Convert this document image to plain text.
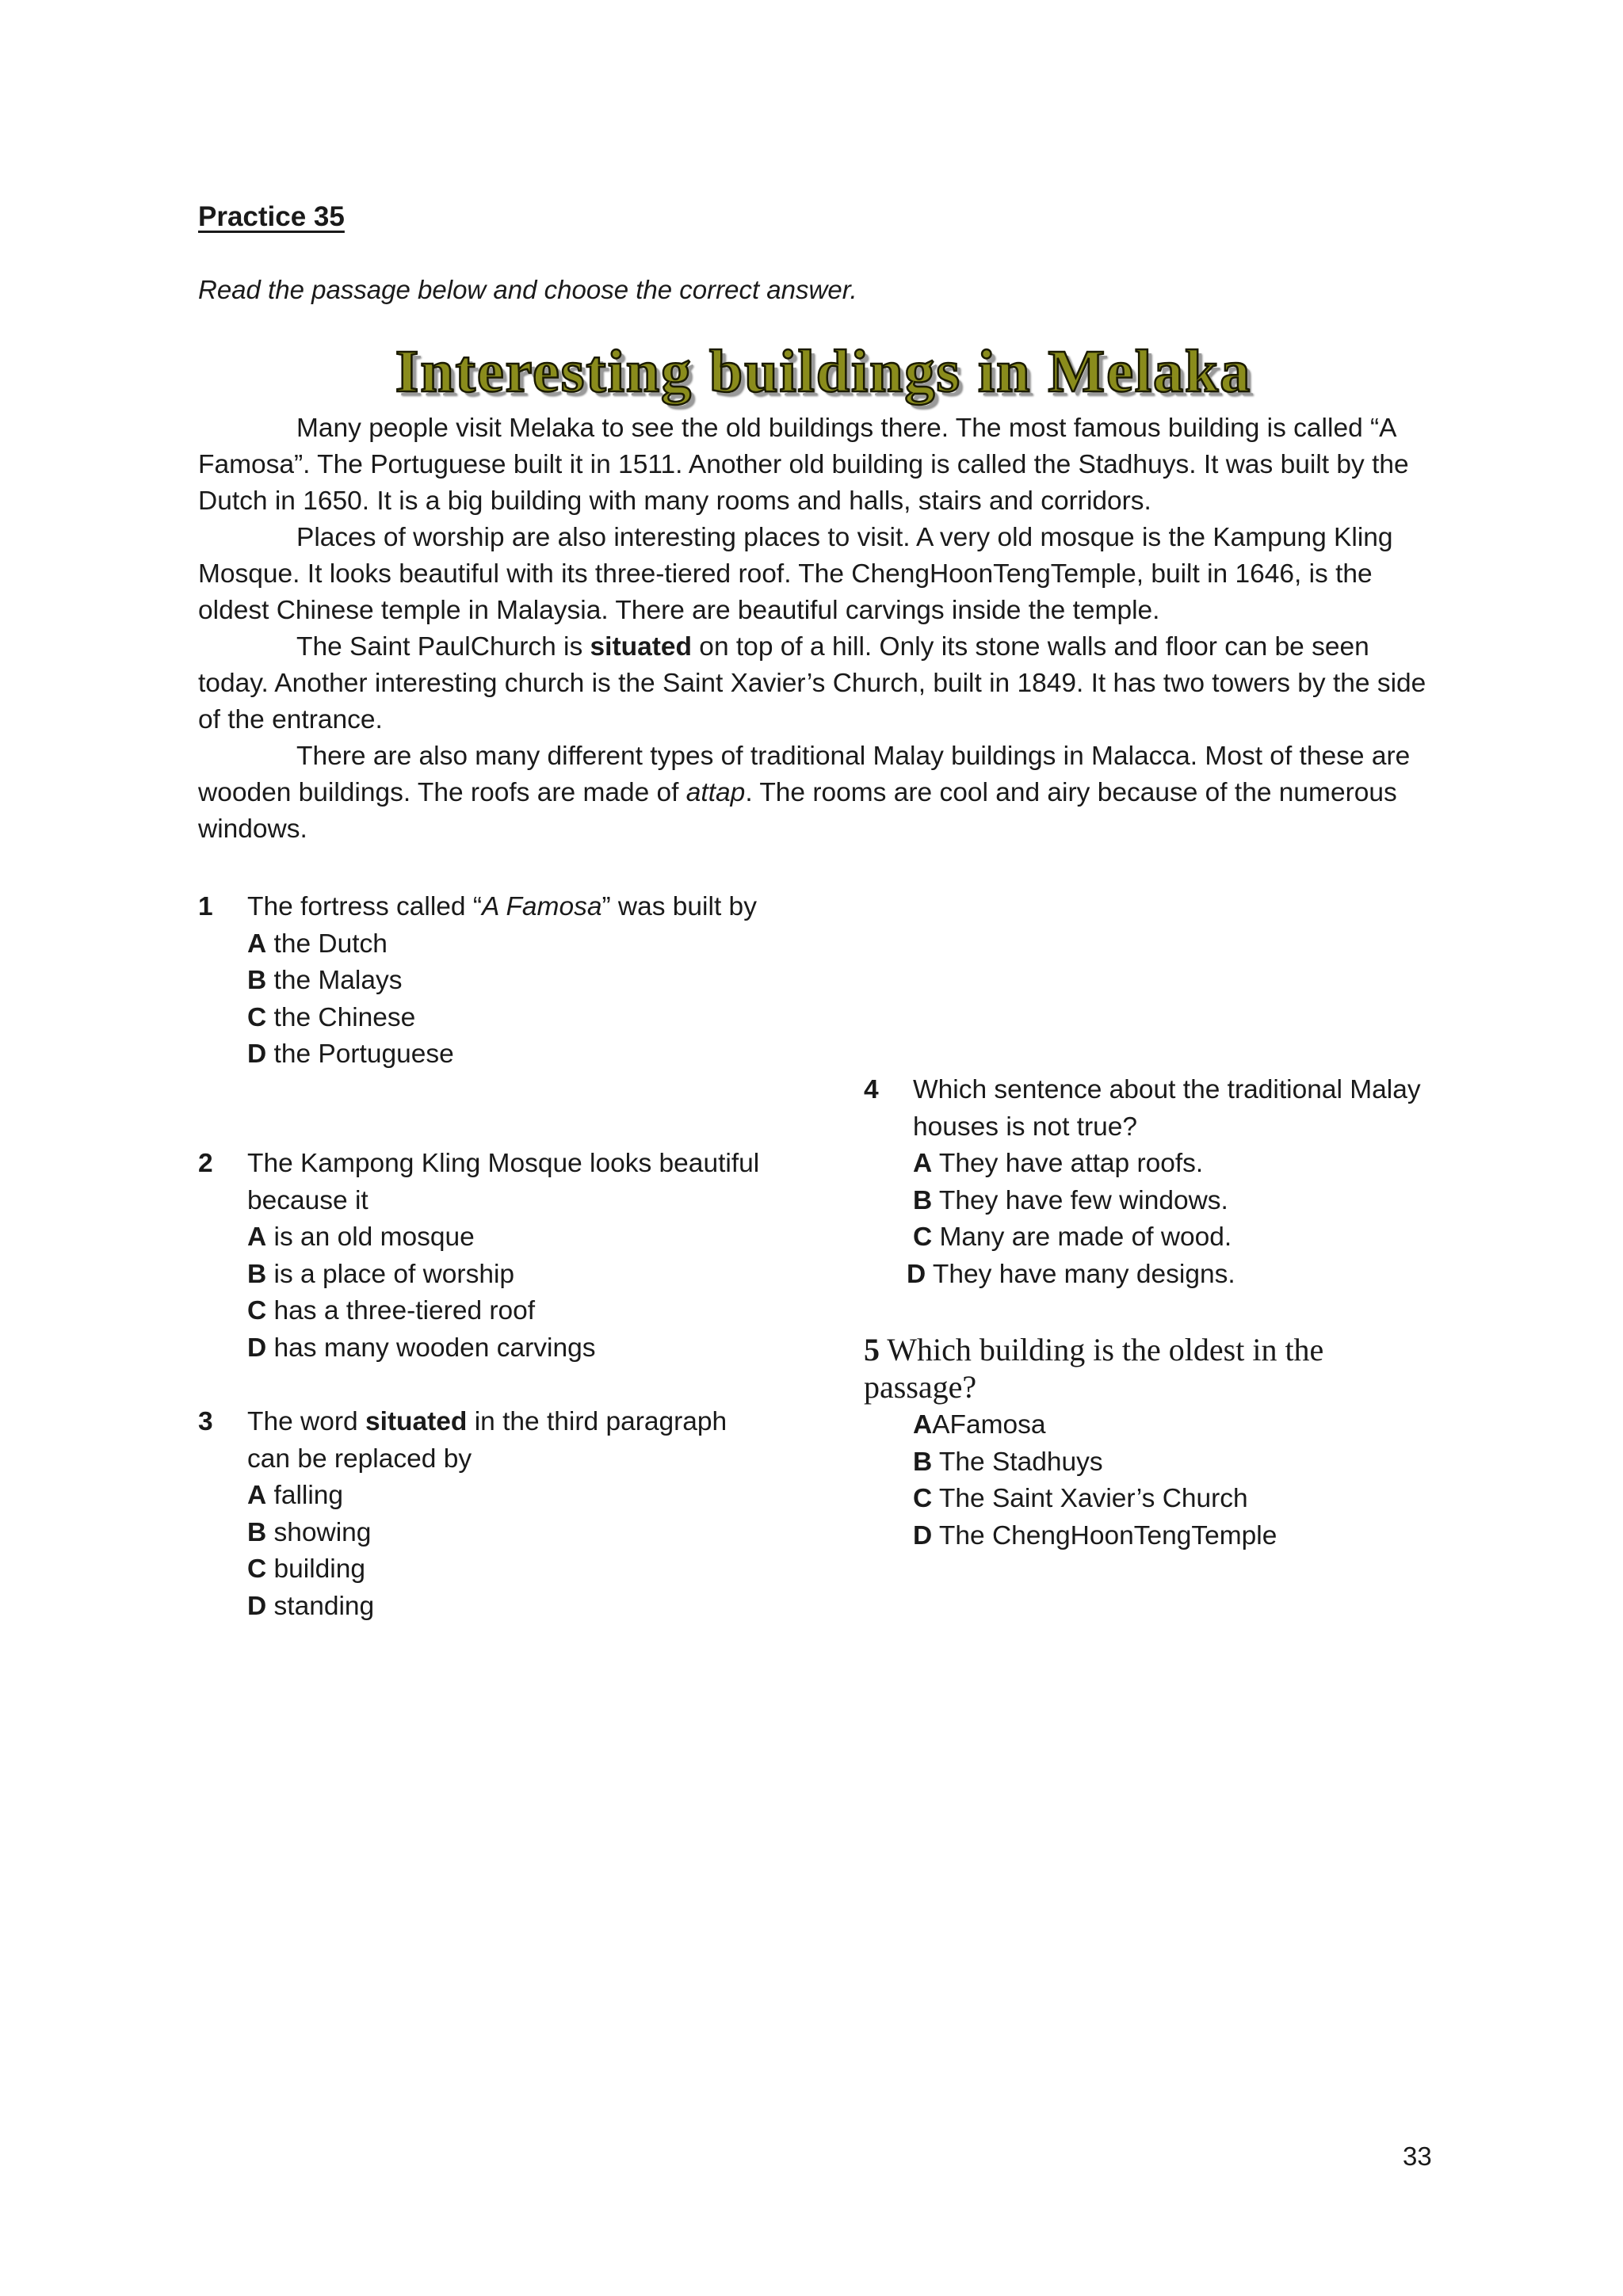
Practice 35
Read the passage below and choose the correct answer.
Interesting buildings in Melaka

Many people visit Melaka to see the old buildings there. The most famous building is called “A Famosa”. The Portuguese built it in 1511. Another old building is called the Stadhuys. It was built by the Dutch in 1650. It is a big building with many rooms and halls, stairs and corridors.

Places of worship are also interesting places to visit. A very old mosque is the Kampung Kling Mosque. It looks beautiful with its three-tiered roof. The ChengHoonTengTemple, built in 1646, is the oldest Chinese temple in Malaysia. There are beautiful carvings inside the temple.

The Saint PaulChurch is situated on top of a hill. Only its stone walls and floor can be seen today. Another interesting church is the Saint Xavier’s Church, built in 1849. It has two towers by the side of the entrance.

There are also many different types of traditional Malay buildings in Malacca. Most of these are wooden buildings. The roofs are made of attap. The rooms are cool and airy because of the numerous windows.

1 The fortress called “A Famosa” was built by
A the Dutch
B the Malays
C the Chinese
D the Portuguese
2 The Kampong Kling Mosque looks beautiful because it
A is an old mosque
B is a place of worship
C has a three-tiered roof
D has many wooden carvings
3 The word situated in the third paragraph can be replaced by
A falling
B showing
C building
D standing
4 Which sentence about the traditional Malay houses is not true?
A They have attap roofs.
B They have few windows.
C Many are made of wood.
D They have many designs.
5 Which building is the oldest in the passage?
AAFamosa
B The Stadhuys
C The Saint Xavier’s Church
D The ChengHoonTengTemple
33
